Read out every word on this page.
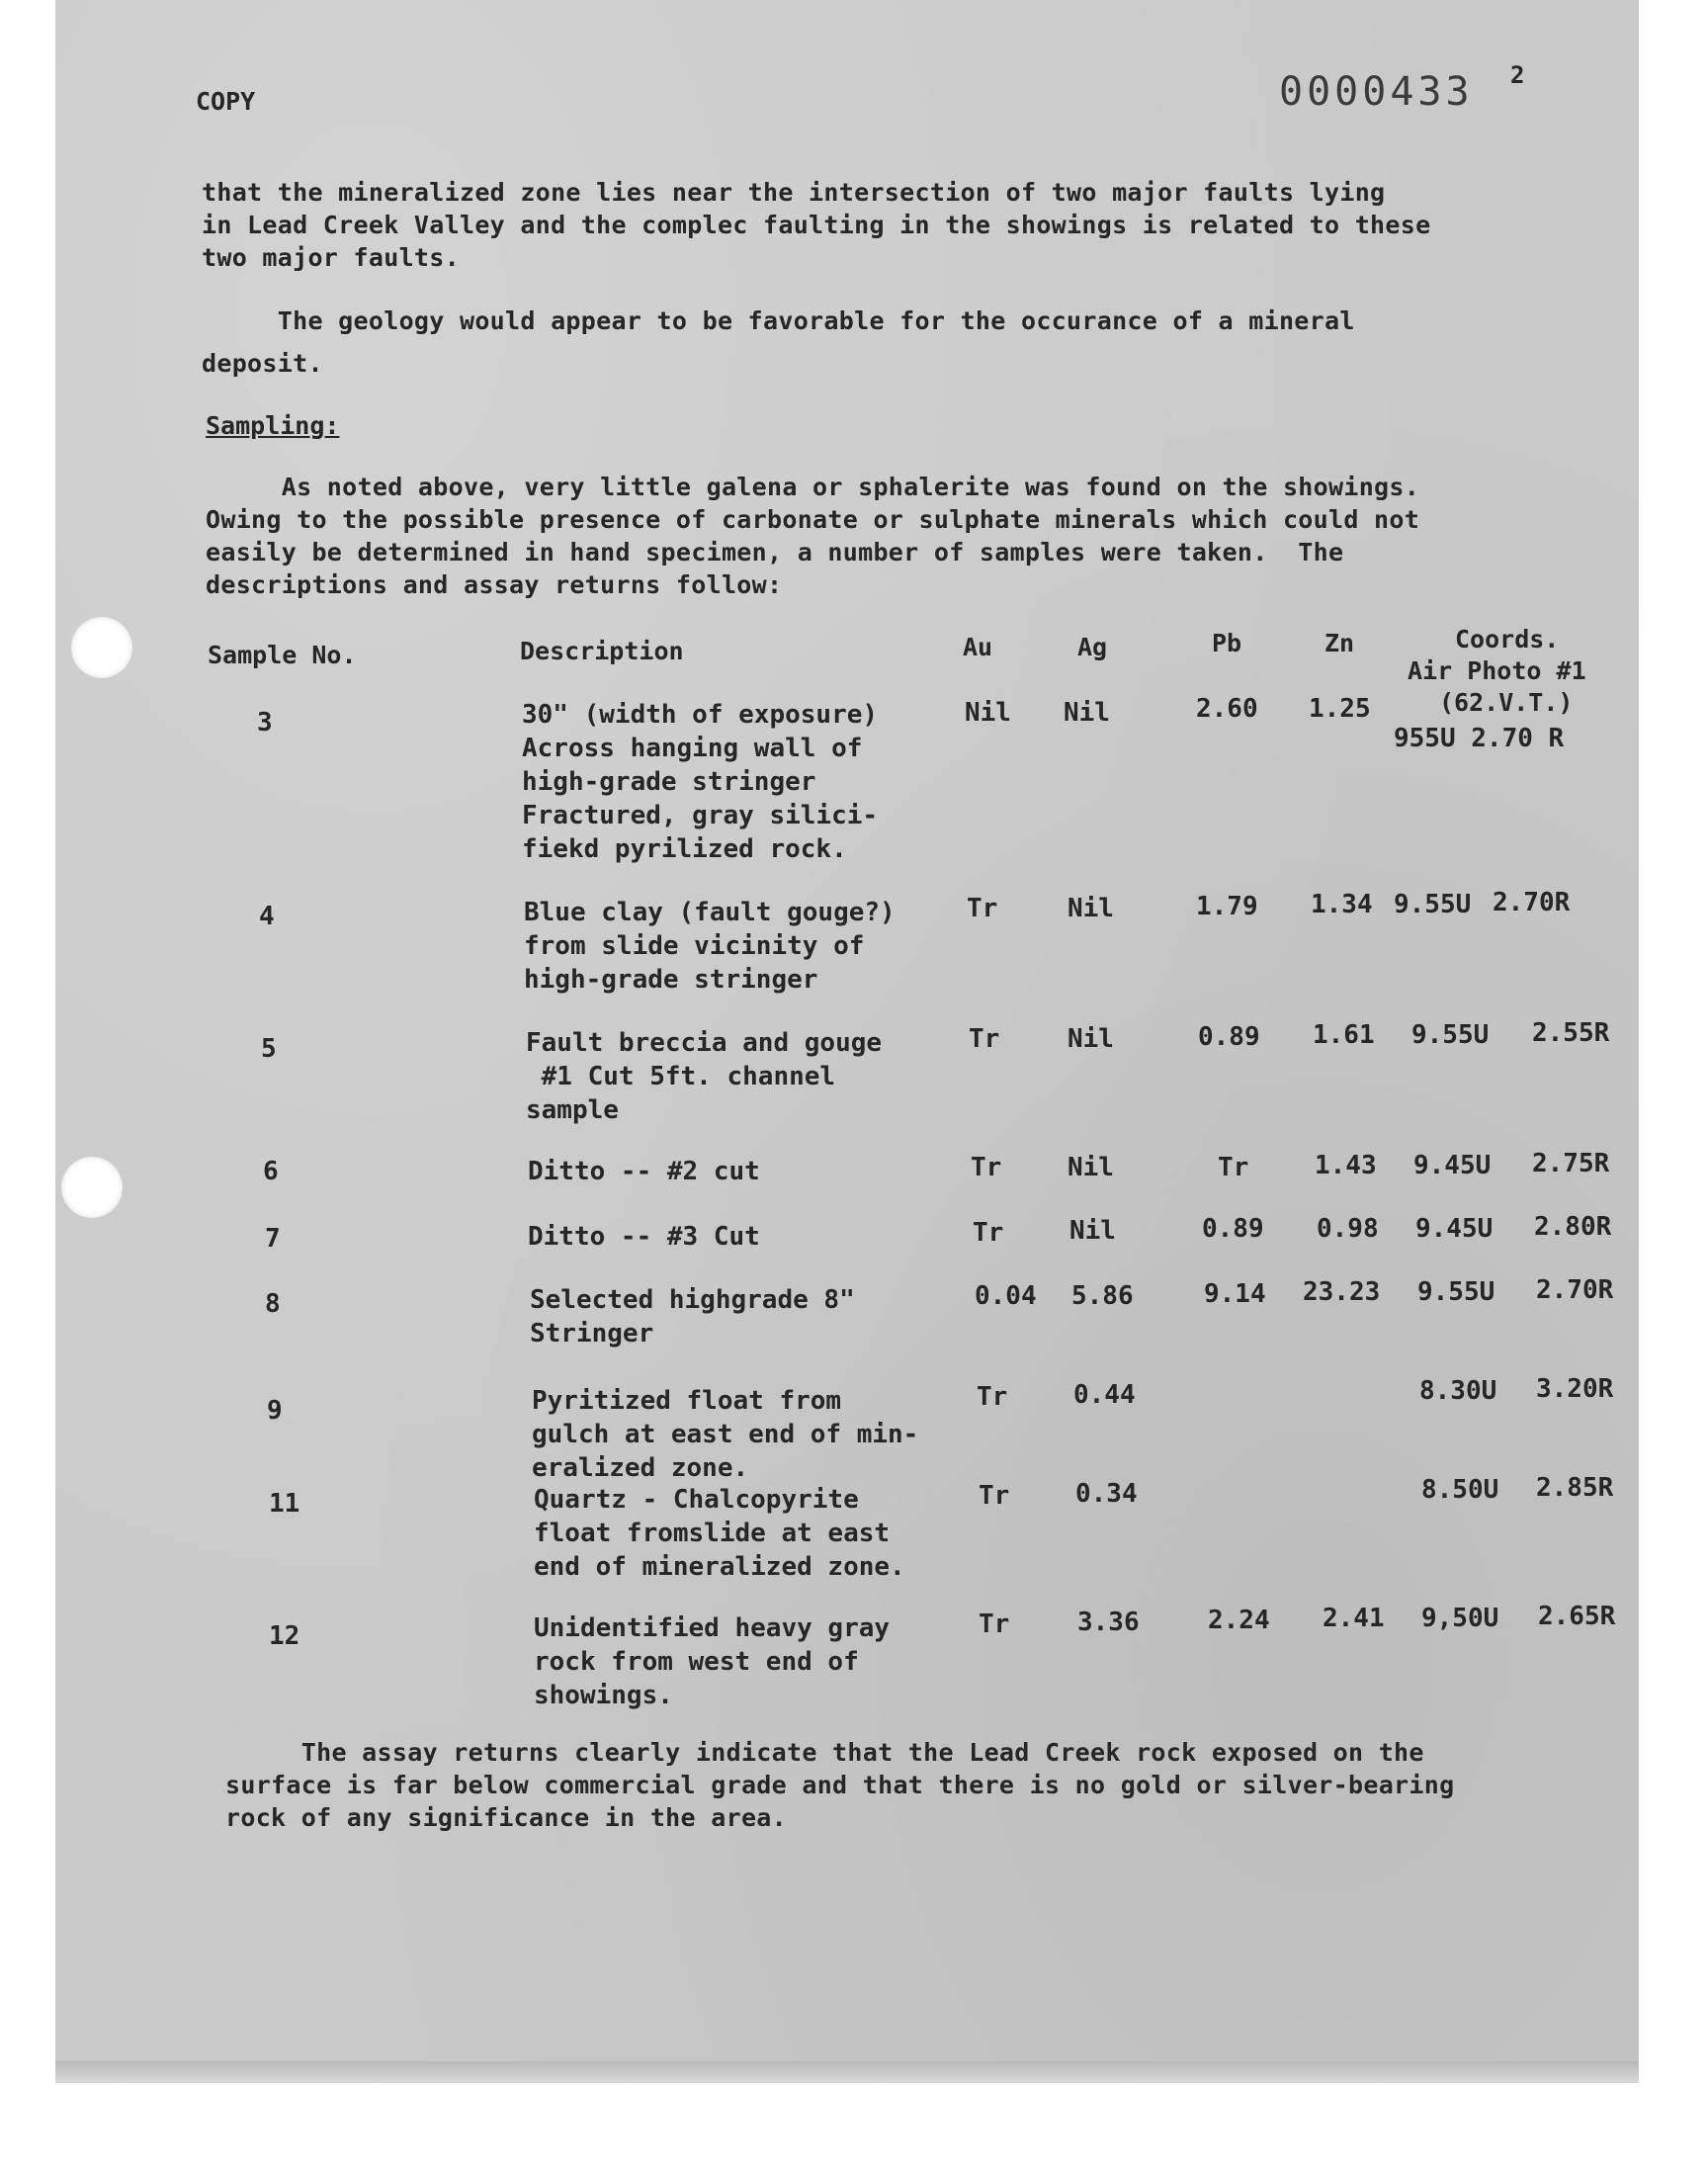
COPY	0000433 2
that the mineralized zone lies near the intersection of two major faults lying
in Lead Creek Valley and the complec faulting in the showings is related to these
two major faults.
The geology would appear to be favorable for the occurance of a mineral
deposit.
Sampling:
As noted above, very little galena or sphalerite was found on the showings.
Owing to the possible presence of carbonate or sulphate minerals which could not
easily be determined in hand specimen, a number of samples were taken.  The
descriptions and assay returns follow:
Sample No.	Description	Au	Ag	Pb	Zn	Coords.
Air Photo #1
(62.V.T.)
3	30" (width of exposure)
Across hanging wall of
high-grade stringer
Fractured, gray silici-
fiekd pyrilized rock.
Nil Nil	2.60 1.25
955U 2.70 R
4	Blue clay (fault gouge?)
from slide vicinity of
high-grade stringer
Tr	Nil	1.79 1.34 9.55U 2.70R
5	Fault breccia and gouge
#1 Cut 5ft. channel
sample
Tr	Nil	0.89 1.61 9.55U 2.55R
6	Ditto -- #2 cut	Tr	Nil	Tr	1.43 9.45U 2.75R
7	Ditto -- #3 Cut	Tr	Nil	0.89 0.98 9.45U 2.80R
8	Selected highgrade 8"
Stringer
0.04 5.86	9.14 23.23 9.55U 2.70R
9	Pyritized float from
gulch at east end of min-
eralized zone.
Tr	0.44	8.30U 3.20R
11	Quartz - Chalcopyrite
float fromslide at east
end of mineralized zone.
Tr	0.34	8.50U 2.85R
12	Unidentified heavy gray
rock from west end of
showings.
Tr	3.36	2.24 2.41 9,50U 2.65R
The assay returns clearly indicate that the Lead Creek rock exposed on the
surface is far below commercial grade and that there is no gold or silver-bearing
rock of any significance in the area.
